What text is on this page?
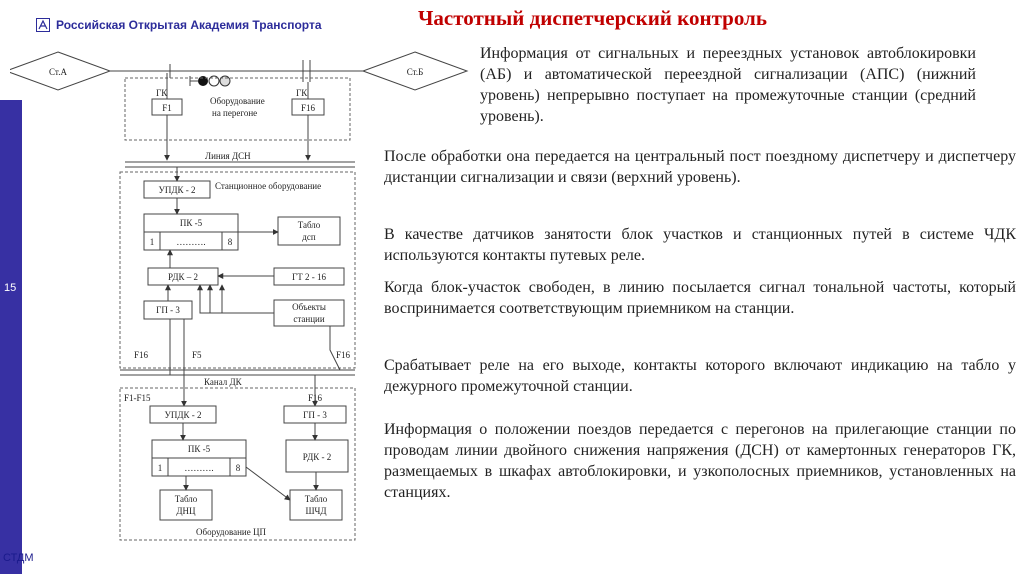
15
СТДМ
Российская Открытая Академия Транспорта	Частотный диспетчерский контроль
Ст.А	Ст.Б
ГК
F1
Оборудование
на перегоне
ГК
F16
Линия ДСН
УПДК - 2 Станционное оборудование
ПК -5
1 ………. 8
Табло
дсп
РДК – 2	ГТ 2 - 16
ГП - 3	Объекты
станции
F16	F5	F16
Канал ДК
F1-F15	F16
УПДК - 2	ГП - 3
ПК -5
1 ………. 8
РДК - 2
Табло
ДНЦ
Табло
ШЧД
Оборудование ЦП
Информация от сигнальных и переездных установок автоблокировки (АБ) и автоматической переездной сигнализации (АПС) (нижний уровень) непрерывно поступает на промежуточные станции (средний уровень).
После обработки она передается на центральный пост поездному диспетчеру и диспетчеру дистанции сигнализации и связи (верхний уровень).
В качестве датчиков занятости блок участков и станционных путей в системе ЧДК используются контакты путевых реле.
Когда блок-участок свободен, в линию посылается сигнал тональной частоты, который воспринимается соответствующим приемником на станции.
Срабатывает реле на его выходе, контакты которого включают индикацию на табло у дежурного промежуточной станции.
Информация о положении поездов передается с перегонов на прилегающие станции по проводам линии двойного снижения напряжения (ДСН) от камертонных генераторов ГК, размещаемых в шкафах автоблокировки, и узкополосных приемников, установленных на станциях.
